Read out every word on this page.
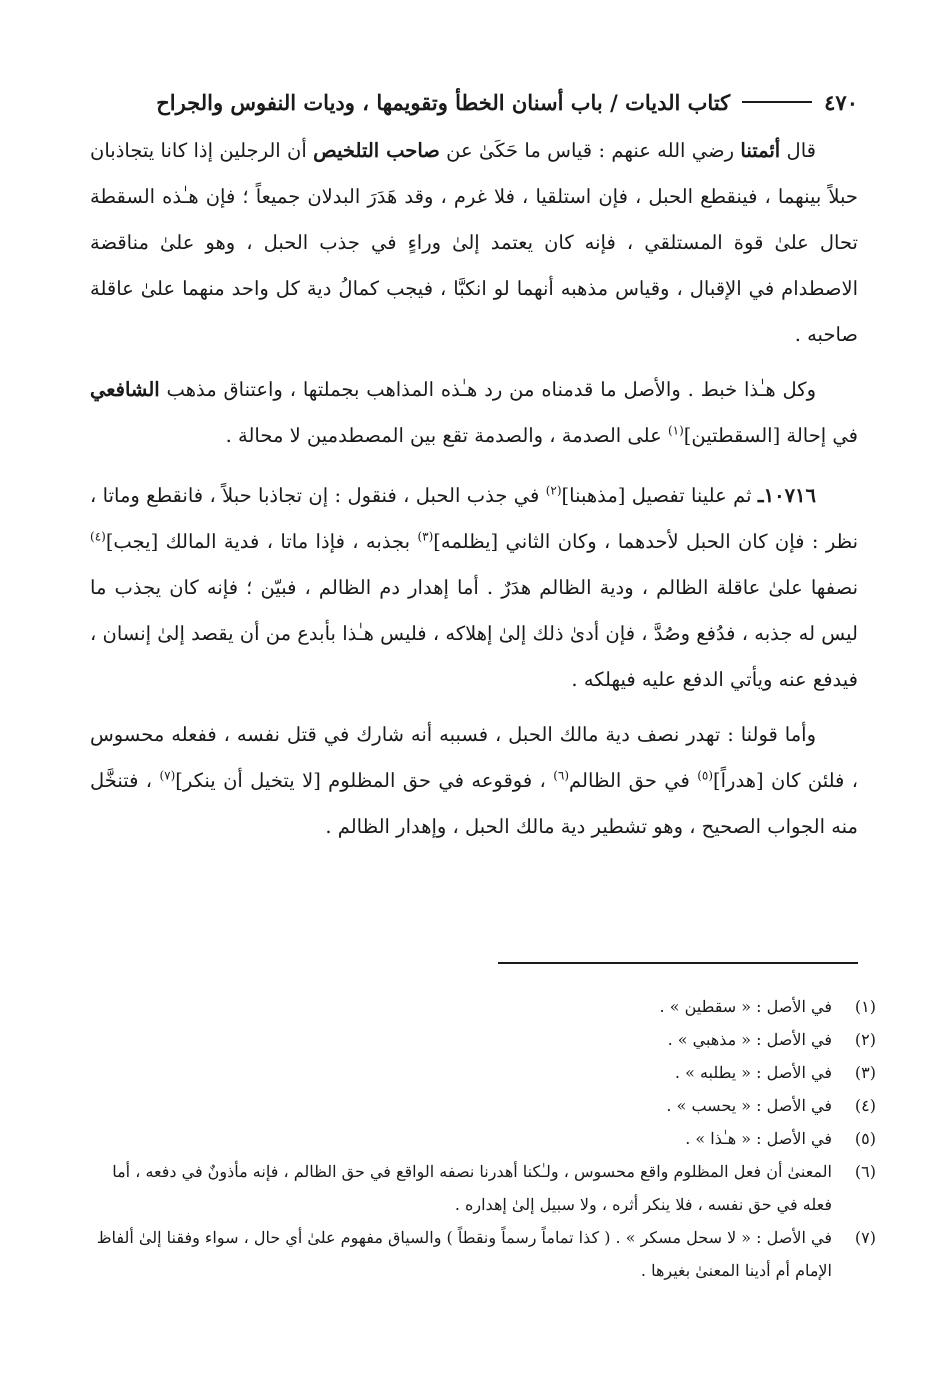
٤٧٠
كتاب الديات / باب أسنان الخطأ وتقويمها ، وديات النفوس والجراح

قال أئمتنا رضي الله عنهم : قياس ما حَكَىٰ عن صاحب التلخيص أن الرجلين إذا كانا يتجاذبان حبلاً بينهما ، فينقطع الحبل ، فإن استلقيا ، فلا غرم ، وقد هَدَرَ البدلان جميعاً ؛ فإن هـٰذه السقطة تحال علىٰ قوة المستلقي ، فإنه كان يعتمد إلىٰ وراءٍ في جذب الحبل ، وهو علىٰ مناقضة الاصطدام في الإقبال ، وقياس مذهبه أنهما لو انكبَّا ، فيجب كمالُ دية كل واحد منهما علىٰ عاقلة صاحبه .

وكل هـٰذا خبط . والأصل ما قدمناه من رد هـٰذه المذاهب بجملتها ، واعتناق مذهب الشافعي في إحالة [السقطتين]$^{(١)}$ على الصدمة ، والصدمة تقع بين المصطدمين لا محالة .

١٠٧١٦ـ ثم علينا تفصيل [مذهبنا]$^{(٢)}$ في جذب الحبل ، فنقول : إن تجاذبا حبلاً ، فانقطع وماتا ، نظر : فإن كان الحبل لأحدهما ، وكان الثاني [يظلمه]$^{(٣)}$ بجذبه ، فإذا ماتا ، فدية المالك [يجب]$^{(٤)}$ نصفها علىٰ عاقلة الظالم ، ودية الظالم هدَرٌ . أما إهدار دم الظالم ، فبيّن ؛ فإنه كان يجذب ما ليس له جذبه ، فدُفع وصُدَّ ، فإن أدىٰ ذلك إلىٰ إهلاكه ، فليس هـٰذا بأبدع من أن يقصد إلىٰ إنسان ، فيدفع عنه ويأتي الدفع عليه فيهلكه .

وأما قولنا : تهدر نصف دية مالك الحبل ، فسببه أنه شارك في قتل نفسه ، ففعله محسوس ، فلئن كان [هدراً]$^{(٥)}$ في حق الظالم$^{(٦)}$ ، فوقوعه في حق المظلوم [لا يتخيل أن ينكر]$^{(٧)}$ ، فتنخَّل منه الجواب الصحيح ، وهو تشطير دية مالك الحبل ، وإهدار الظالم .

(١)
في الأصل : « سقطين » .

(٢)
في الأصل : « مذهبي » .

(٣)
في الأصل : « يطلبه » .

(٤)
في الأصل : « يحسب » .

(٥)
في الأصل : « هـٰذا » .

(٦)
المعنىٰ أن فعل المظلوم واقع محسوس ، ولـٰكنا أهدرنا نصفه الواقع في حق الظالم ، فإنه مأذونٌ في دفعه ، أما فعله في حق نفسه ، فلا ينكر أثره ، ولا سبيل إلىٰ إهداره .

(٧)
في الأصل : « لا سحل مسكر » . ( كذا تماماً رسماً ونقطاً ) والسياق مفهوم علىٰ أي حال ، سواء وفقنا إلىٰ ألفاظ الإمام أم أدينا المعنىٰ بغيرها .
